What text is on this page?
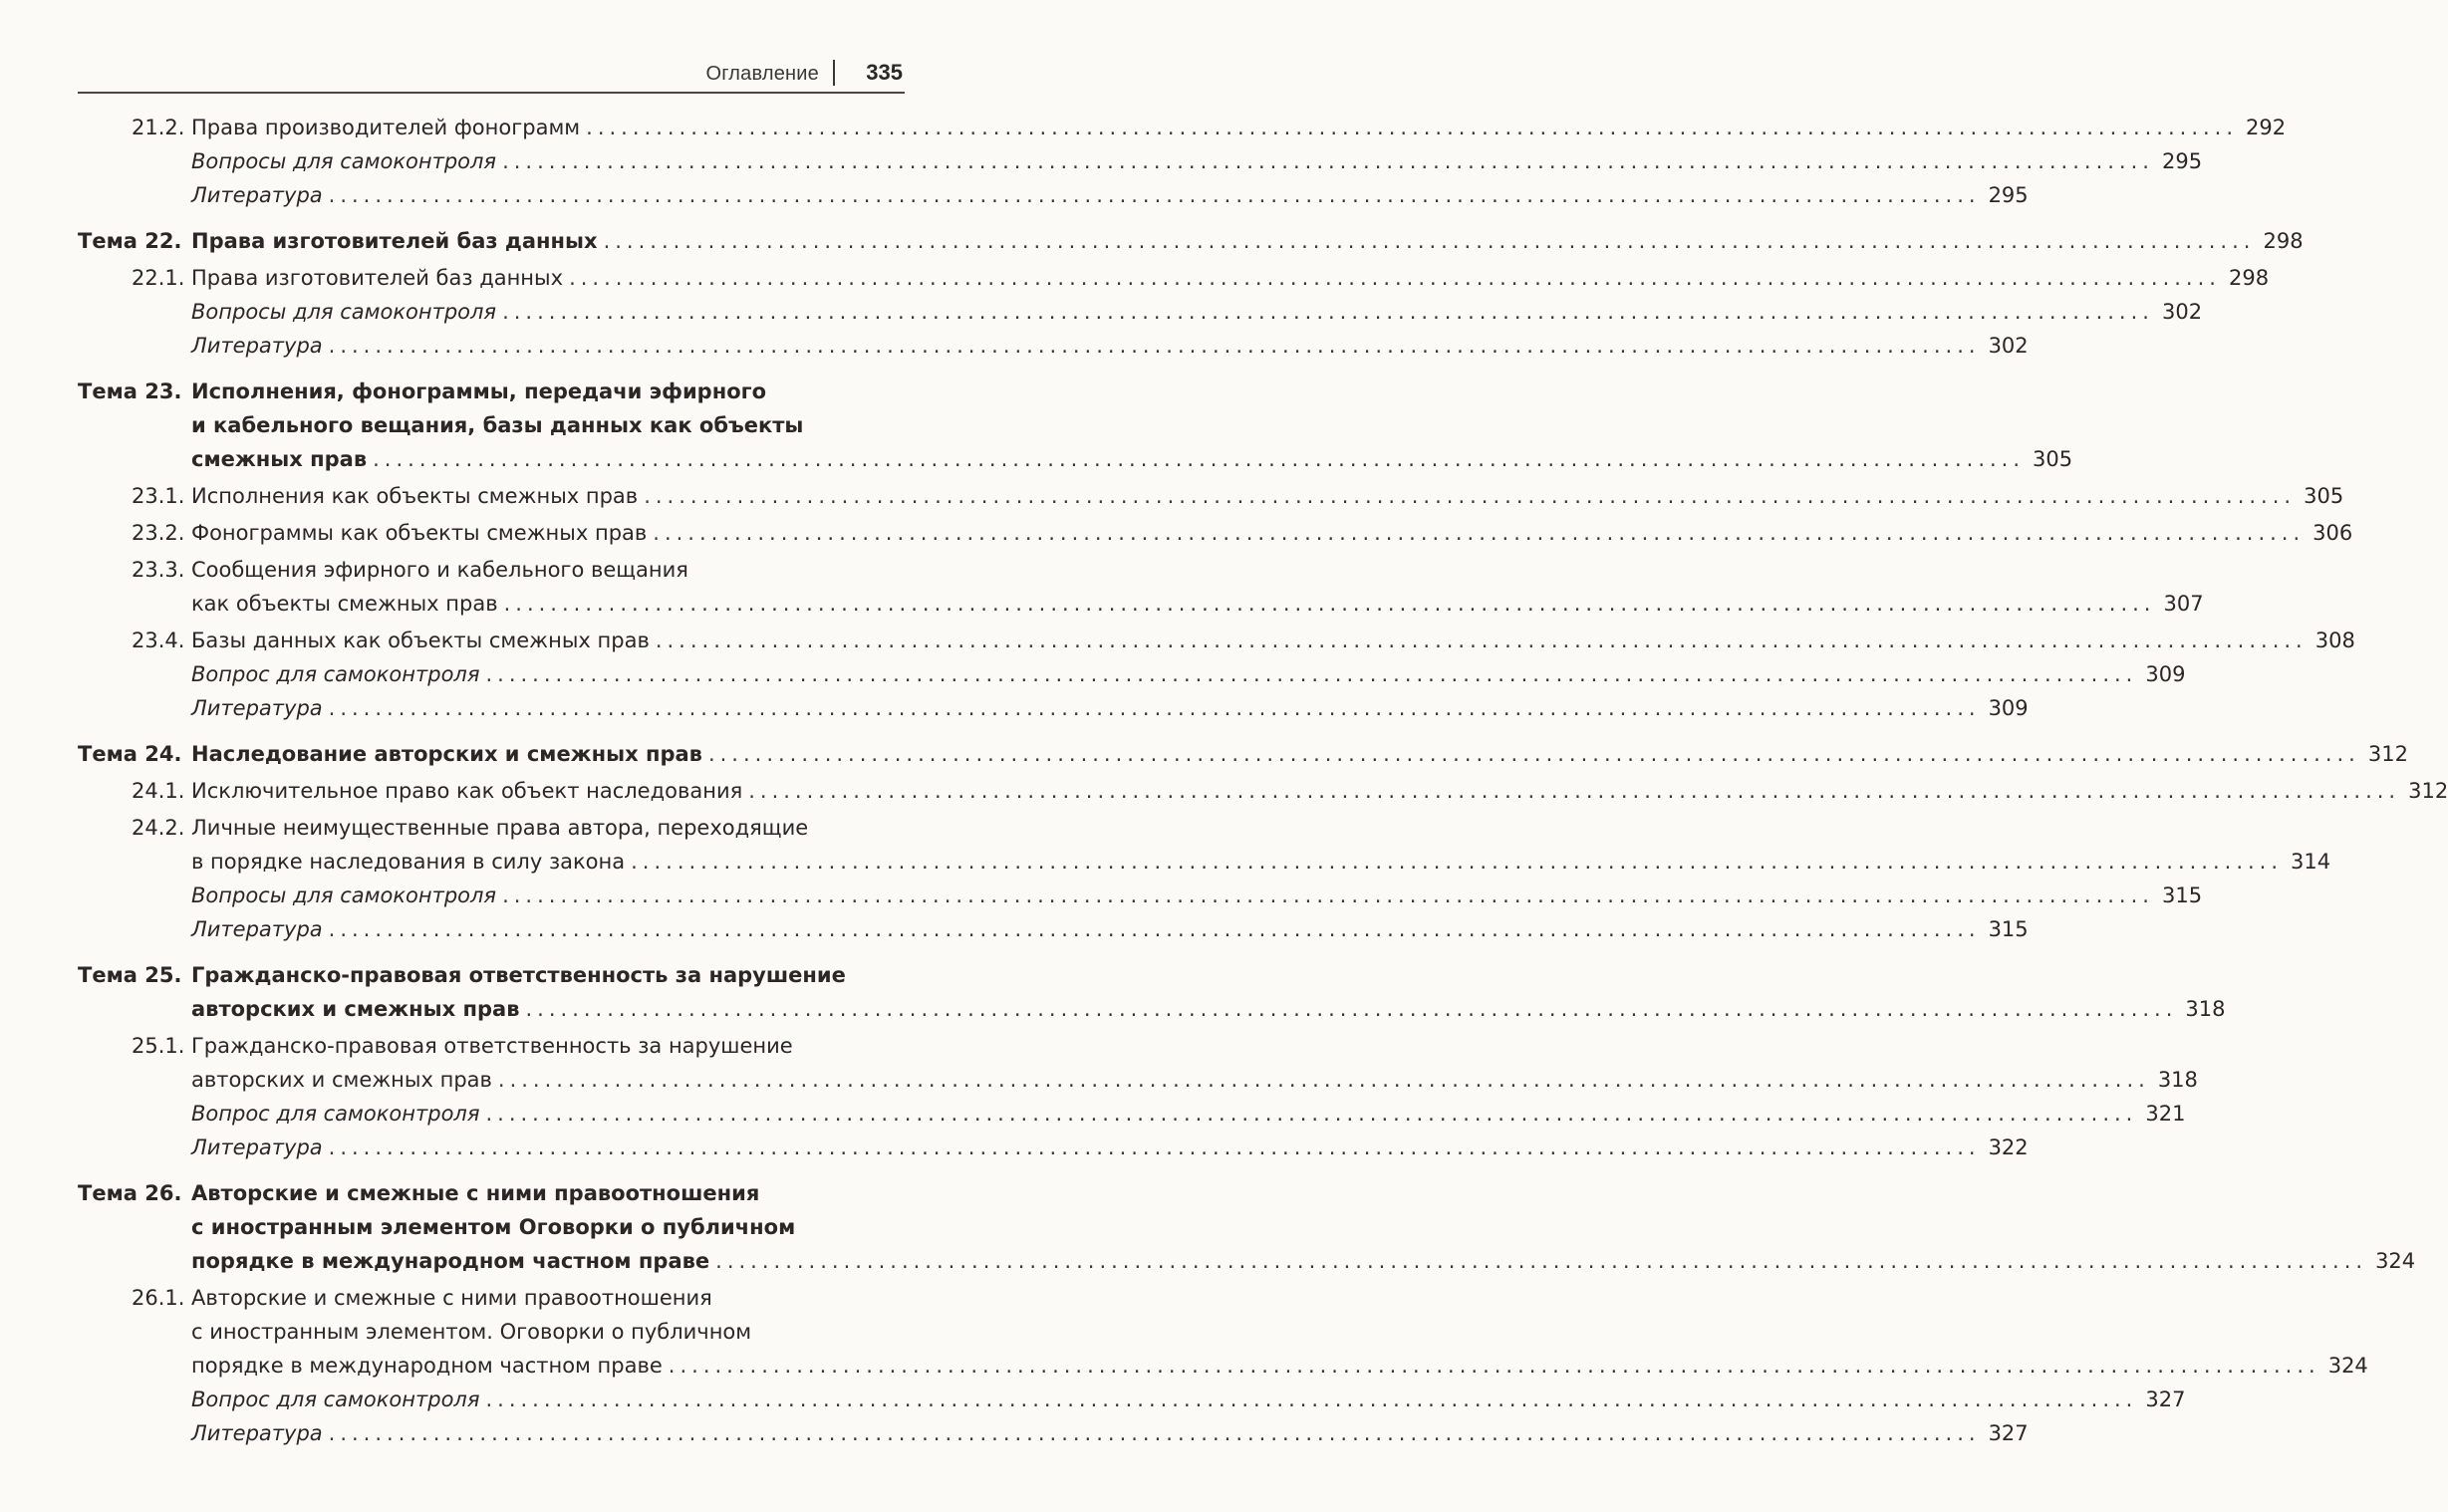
Оглавление 335
21.2. Права производителей фонограмм .............................................................................................................................................. 292
Вопросы для самоконтроля .............................................................................................................................................. 295
Литература .............................................................................................................................................. 295
Тема 22. Права изготовителей баз данных .............................................................................................................................................. 298
22.1. Права изготовителей баз данных .............................................................................................................................................. 298
Вопросы для самоконтроля .............................................................................................................................................. 302
Литература .............................................................................................................................................. 302
Тема 23. Исполнения, фонограммы, передачи эфирного
и кабельного вещания, базы данных как объекты
смежных прав .............................................................................................................................................. 305
23.1. Исполнения как объекты смежных прав .............................................................................................................................................. 305
23.2. Фонограммы как объекты смежных прав .............................................................................................................................................. 306
23.3. Сообщения эфирного и кабельного вещания
как объекты смежных прав .............................................................................................................................................. 307
23.4. Базы данных как объекты смежных прав .............................................................................................................................................. 308
Вопрос для самоконтроля .............................................................................................................................................. 309
Литература .............................................................................................................................................. 309
Тема 24. Наследование авторских и смежных прав .............................................................................................................................................. 312
24.1. Исключительное право как объект наследования .............................................................................................................................................. 312
24.2. Личные неимущественные права автора, переходящие
в порядке наследования в силу закона .............................................................................................................................................. 314
Вопросы для самоконтроля .............................................................................................................................................. 315
Литература .............................................................................................................................................. 315
Тема 25. Гражданско-правовая ответственность за нарушение
авторских и смежных прав .............................................................................................................................................. 318
25.1. Гражданско-правовая ответственность за нарушение
авторских и смежных прав .............................................................................................................................................. 318
Вопрос для самоконтроля .............................................................................................................................................. 321
Литература .............................................................................................................................................. 322
Тема 26. Авторские и смежные с ними правоотношения
с иностранным элементом Оговорки о публичном
порядке в международном частном праве .............................................................................................................................................. 324
26.1. Авторские и смежные с ними правоотношения
с иностранным элементом. Оговорки о публичном
порядке в международном частном праве .............................................................................................................................................. 324
Вопрос для самоконтроля .............................................................................................................................................. 327
Литература .............................................................................................................................................. 327
